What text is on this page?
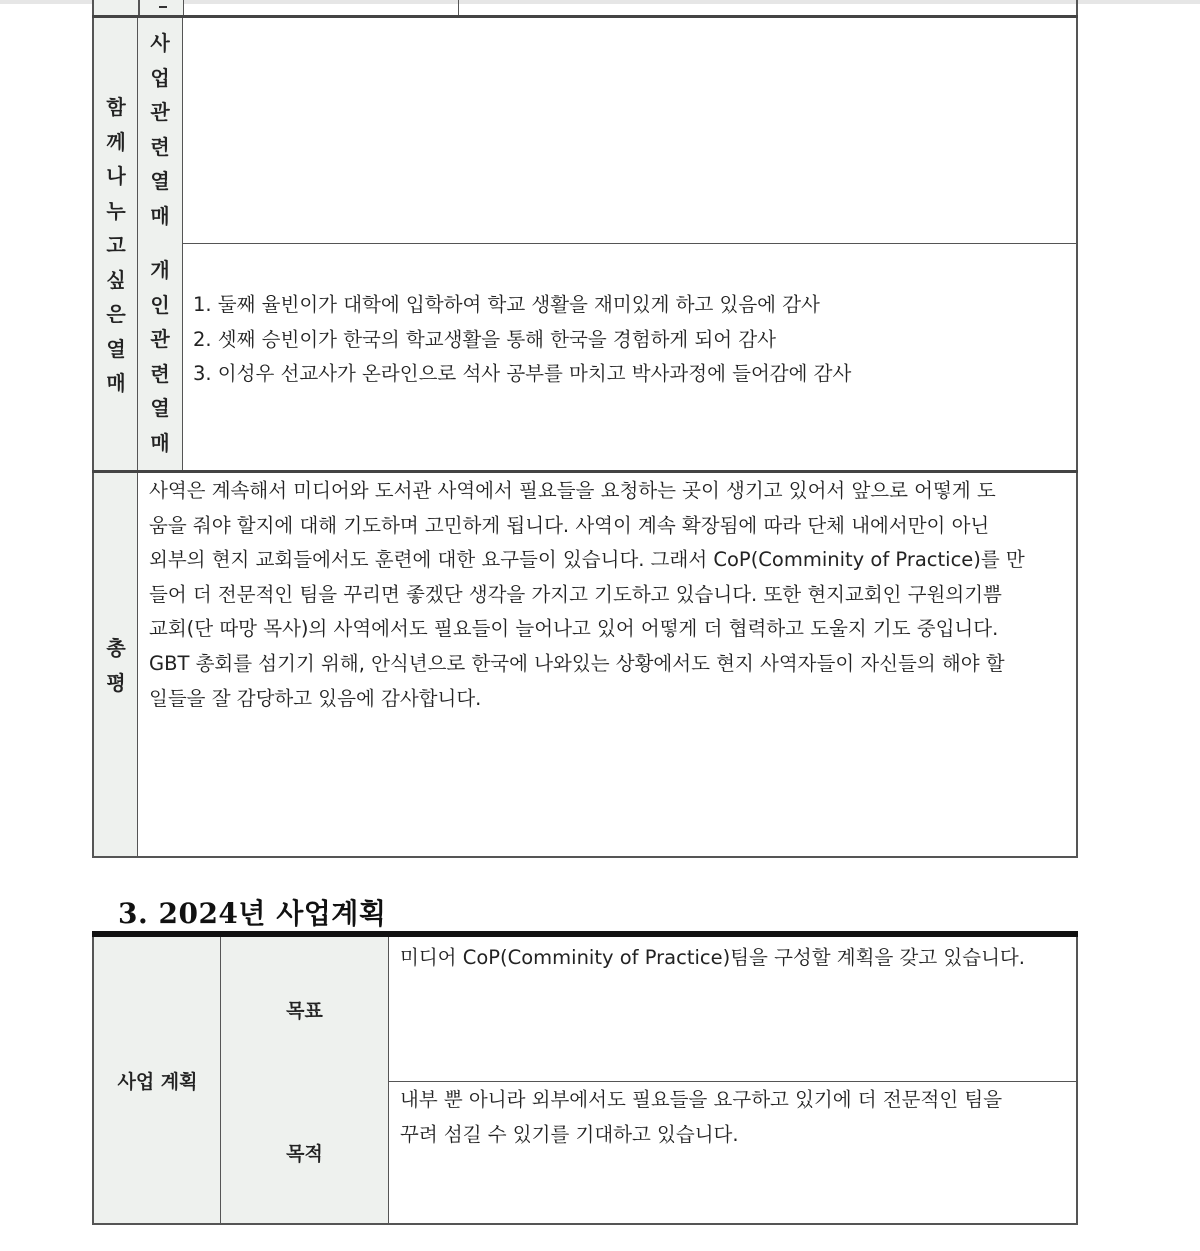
함
께
나
누
고
싶
은
열
매
사
업
관
련
열
매
개
인
관
련
열
매
1. 둘째 율빈이가 대학에 입학하여 학교 생활을 재미있게 하고 있음에 감사
2. 셋째 승빈이가 한국의 학교생활을 통해 한국을 경험하게 되어 감사
3. 이성우 선교사가 온라인으로 석사 공부를 마치고 박사과정에 들어감에 감사
총
평
사역은 계속해서 미디어와 도서관 사역에서 필요들을 요청하는 곳이 생기고 있어서 앞으로 어떻게 도
움을 줘야 할지에 대해 기도하며 고민하게 됩니다. 사역이 계속 확장됨에 따라 단체 내에서만이 아닌
외부의 현지 교회들에서도 훈련에 대한 요구들이 있습니다. 그래서 CoP(Comminity of Practice)를 만
들어 더 전문적인 팀을 꾸리면 좋겠단 생각을 가지고 기도하고 있습니다. 또한 현지교회인 구원의기쁨
교회(단 따망 목사)의 사역에서도 필요들이 늘어나고 있어 어떻게 더 협력하고 도울지 기도 중입니다.
GBT 총회를 섬기기 위해, 안식년으로 한국에 나와있는 상황에서도 현지 사역자들이 자신들의 해야 할
일들을 잘 감당하고 있음에 감사합니다.
3. 2024년 사업계획
사업 계획
목표
미디어 CoP(Comminity of Practice)팀을 구성할 계획을 갖고 있습니다.
목적
내부 뿐 아니라 외부에서도 필요들을 요구하고 있기에 더 전문적인 팀을
꾸려 섬길 수 있기를 기대하고 있습니다.
